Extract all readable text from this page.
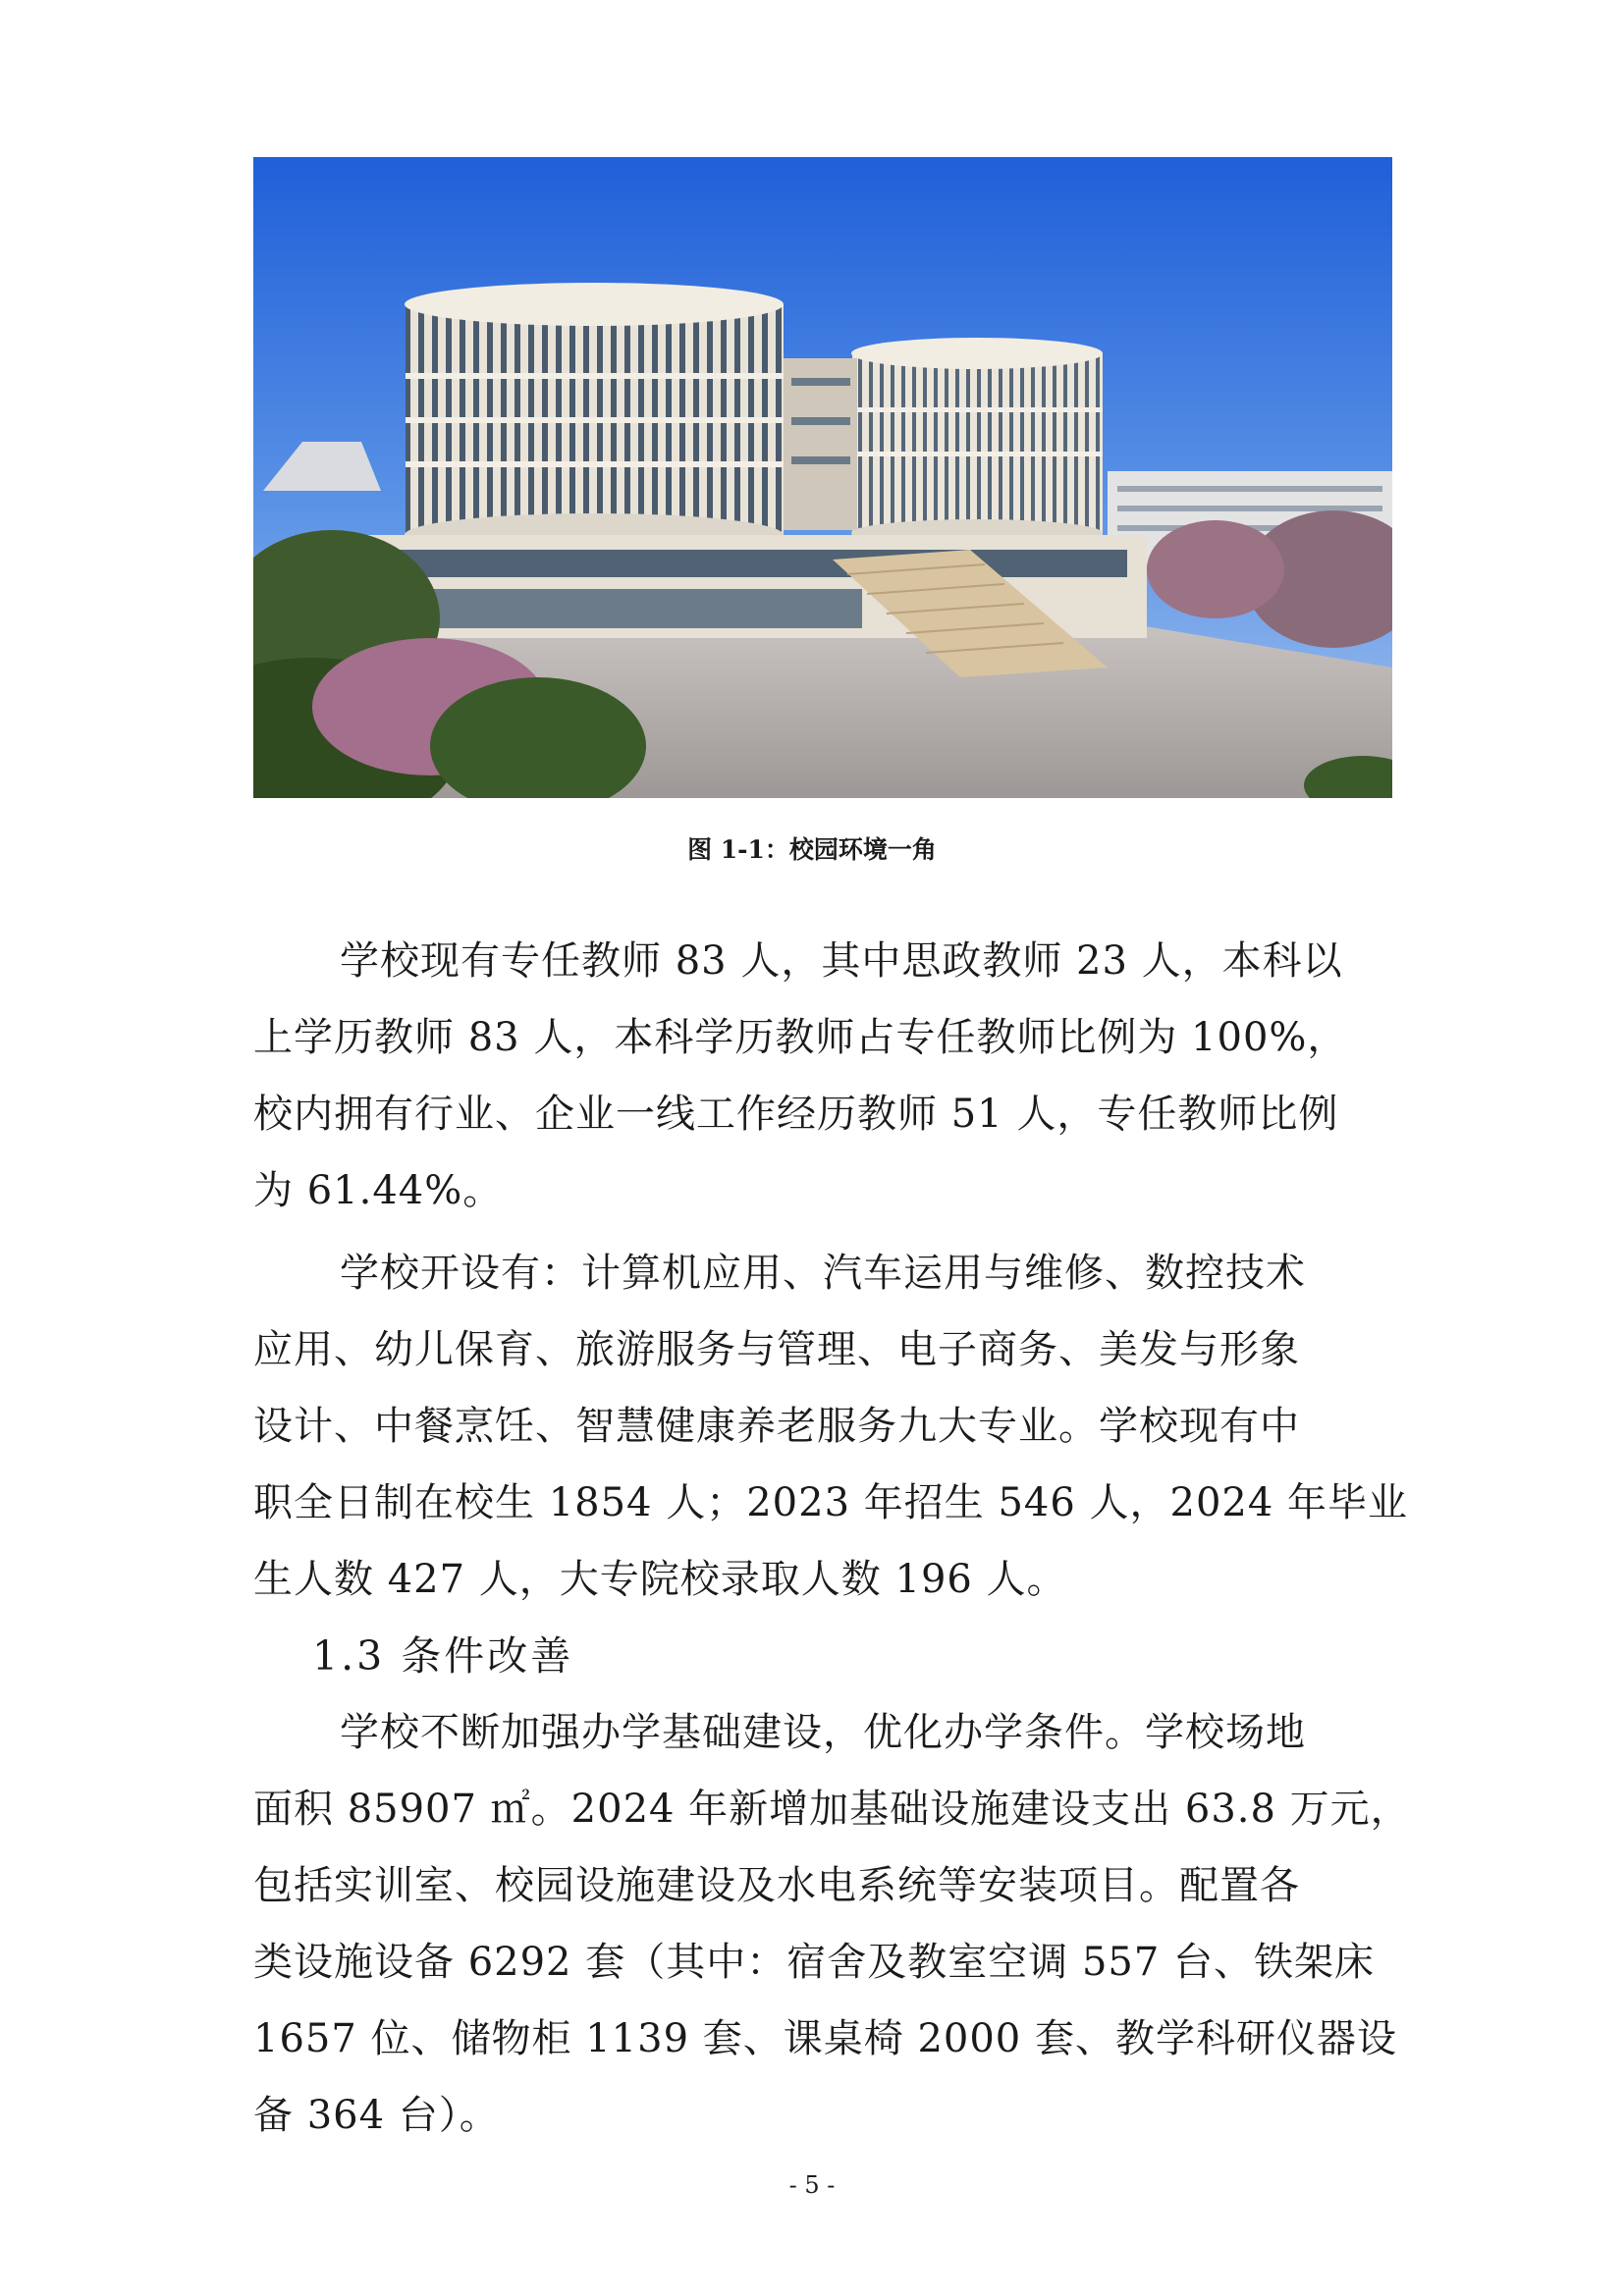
图 1-1：校园环境一角
学校现有专任教师 83 人，其中思政教师 23 人，本科以
上学历教师 83 人，本科学历教师占专任教师比例为 100%，
校内拥有行业、企业一线工作经历教师 51 人，专任教师比例
为 61.44%。
学校开设有：计算机应用、汽车运用与维修、数控技术
应用、幼儿保育、旅游服务与管理、电子商务、美发与形象
设计、中餐烹饪、智慧健康养老服务九大专业。学校现有中
职全日制在校生 1854 人；2023 年招生 546 人，2024 年毕业
生人数 427 人，大专院校录取人数 196 人。
1.3 条件改善
学校不断加强办学基础建设，优化办学条件。学校场地
面积 85907 ㎡。2024 年新增加基础设施建设支出 63.8 万元，
包括实训室、校园设施建设及水电系统等安装项目。配置各
类设施设备 6292 套（其中：宿舍及教室空调 557 台、铁架床
1657 位、储物柜 1139 套、课桌椅 2000 套、教学科研仪器设
备 364 台）。
- 5 -
